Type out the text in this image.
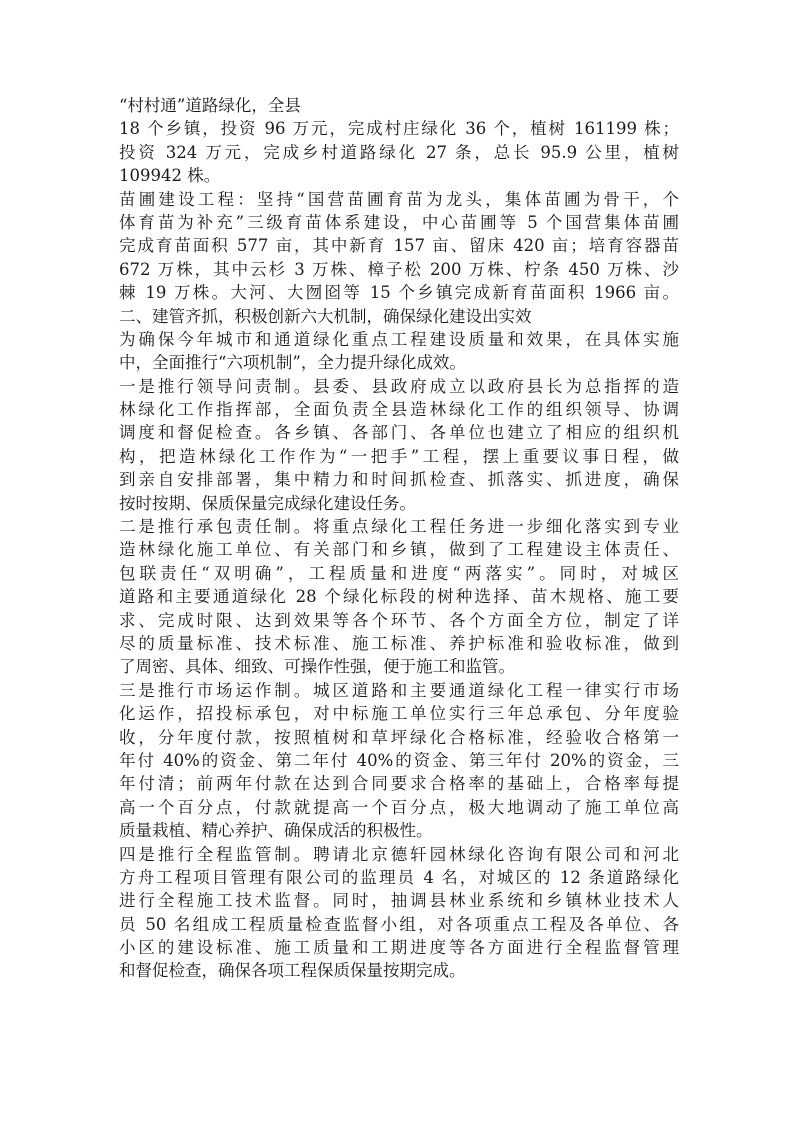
“村村通”道路绿化，全县
18 个乡镇，投资 96 万元，完成村庄绿化 36 个，植树 161199 株；
投资 324 万元，完成乡村道路绿化 27 条，总长 95.9 公里，植树
109942 株。
苗圃建设工程：坚持“国营苗圃育苗为龙头，集体苗圃为骨干，个
体育苗为补充”三级育苗体系建设，中心苗圃等 5 个国营集体苗圃
完成育苗面积 577 亩，其中新育 157 亩、留床 420 亩；培育容器苗
672 万株，其中云杉 3 万株、樟子松 200 万株、柠条 450 万株、沙
棘 19 万株。大河、大囫囵等 15 个乡镇完成新育苗面积 1966 亩。
二、建管齐抓，积极创新六大机制，确保绿化建设出实效
为确保今年城市和通道绿化重点工程建设质量和效果，在具体实施
中，全面推行“六项机制”，全力提升绿化成效。
一是推行领导问责制。县委、县政府成立以政府县长为总指挥的造
林绿化工作指挥部，全面负责全县造林绿化工作的组织领导、协调
调度和督促检查。各乡镇、各部门、各单位也建立了相应的组织机
构，把造林绿化工作作为“一把手”工程，摆上重要议事日程，做
到亲自安排部署，集中精力和时间抓检查、抓落实、抓进度，确保
按时按期、保质保量完成绿化建设任务。
二是推行承包责任制。将重点绿化工程任务进一步细化落实到专业
造林绿化施工单位、有关部门和乡镇，做到了工程建设主体责任、
包联责任“双明确”，工程质量和进度“两落实”。同时，对城区
道路和主要通道绿化 28 个绿化标段的树种选择、苗木规格、施工要
求、完成时限、达到效果等各个环节、各个方面全方位，制定了详
尽的质量标准、技术标准、施工标准、养护标准和验收标准，做到
了周密、具体、细致、可操作性强，便于施工和监管。
三是推行市场运作制。城区道路和主要通道绿化工程一律实行市场
化运作，招投标承包，对中标施工单位实行三年总承包、分年度验
收，分年度付款，按照植树和草坪绿化合格标准，经验收合格第一
年付 40%的资金、第二年付 40%的资金、第三年付 20%的资金，三
年付清；前两年付款在达到合同要求合格率的基础上，合格率每提
高一个百分点，付款就提高一个百分点，极大地调动了施工单位高
质量栽植、精心养护、确保成活的积极性。
四是推行全程监管制。聘请北京德轩园林绿化咨询有限公司和河北
方舟工程项目管理有限公司的监理员 4 名，对城区的 12 条道路绿化
进行全程施工技术监督。同时，抽调县林业系统和乡镇林业技术人
员 50 名组成工程质量检查监督小组，对各项重点工程及各单位、各
小区的建设标准、施工质量和工期进度等各方面进行全程监督管理
和督促检查，确保各项工程保质保量按期完成。
